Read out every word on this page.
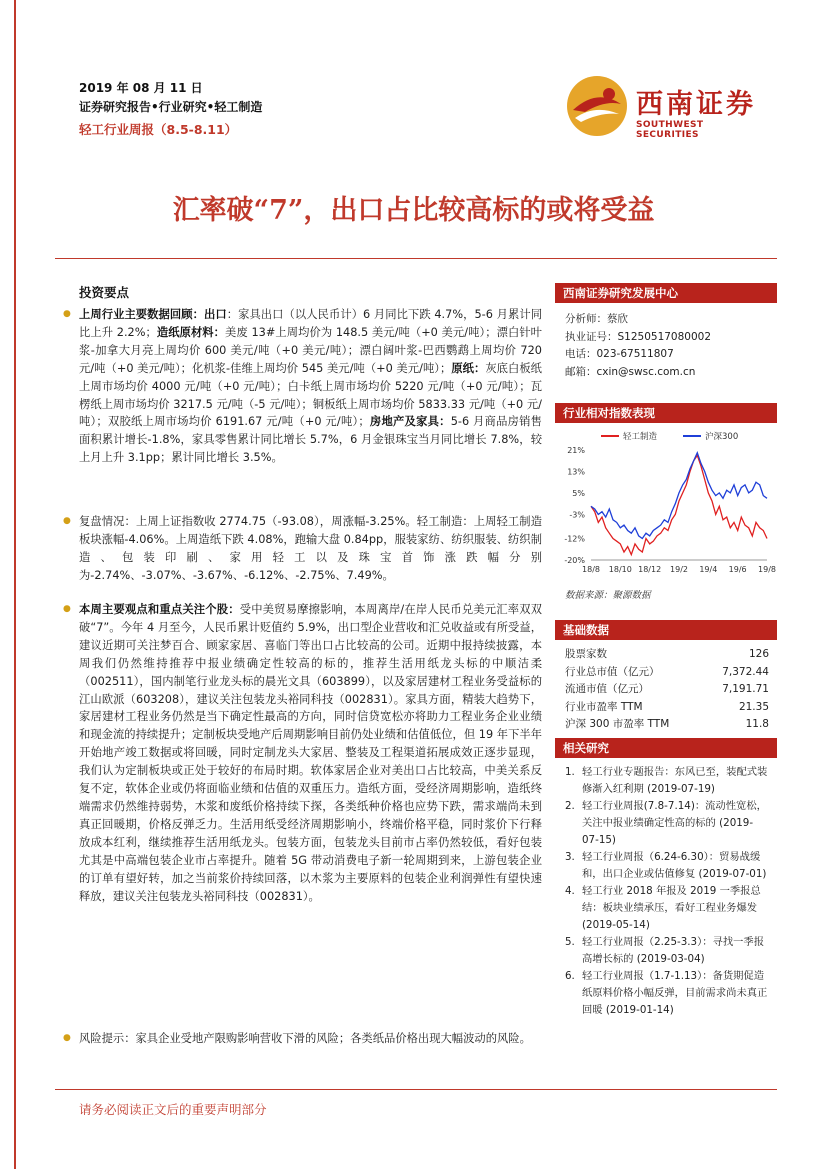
2019 年 08 月 11 日
证券研究报告•行业研究•轻工制造
轻工行业周报（8.5-8.11）
西南证券
SOUTHWEST SECURITIES
汇率破“7”，出口占比较高标的或将受益
投资要点
● 上周行业主要数据回顾：出口：家具出口（以人民币计）6 月同比下跌 4.7%，5-6 月累计同比上升 2.2%；造纸原材料：美废 13#上周均价为 148.5 美元/吨（+0 美元/吨）；漂白针叶浆-加拿大月亮上周均价 600 美元/吨（+0 美元/吨）；漂白阔叶浆-巴西鹦鹉上周均价 720 元/吨（+0 美元/吨）；化机浆-佳维上周均价 545 美元/吨（+0 美元/吨）；原纸：灰底白板纸上周市场均价 4000 元/吨（+0 元/吨）；白卡纸上周市场均价 5220 元/吨（+0 元/吨）；瓦楞纸上周市场均价 3217.5 元/吨（-5 元/吨）；铜板纸上周市场均价 5833.33 元/吨（+0 元/吨）；双胶纸上周市场均价 6191.67 元/吨（+0 元/吨）；房地产及家具：5-6 月商品房销售面积累计增长-1.8%，家具零售累计同比增长 5.7%，6 月金银珠宝当月同比增长 7.8%，较上月上升 3.1pp；累计同比增长 3.5%。
● 复盘情况：上周上证指数收 2774.75（-93.08），周涨幅-3.25%。轻工制造：上周轻工制造板块涨幅-4.06%。上周造纸下跌 4.08%，跑输大盘 0.84pp，服装家纺、纺织服装、纺织制造、包装印刷、家用轻工以及珠宝首饰涨跌幅分别为-2.74%、-3.07%、-3.67%、-6.12%、-2.75%、7.49%。
● 本周主要观点和重点关注个股：受中美贸易摩擦影响，本周离岸/在岸人民币兑美元汇率双双破“7”。今年 4 月至今，人民币累计贬值约 5.9%，出口型企业营收和汇兑收益或有所受益，建议近期可关注梦百合、顾家家居、喜临门等出口占比较高的公司。近期中报持续披露，本周我们仍然维持推荐中报业绩确定性较高的标的，推荐生活用纸龙头标的中顺洁柔（002511），国内制笔行业龙头标的晨光文具（603899），以及家居建材工程业务受益标的江山欧派（603208），建议关注包装龙头裕同科技（002831）。家具方面，精装大趋势下，家居建材工程业务仍然是当下确定性最高的方向，同时信贷宽松亦将助力工程业务企业业绩和现金流的持续提升；定制板块受地产后周期影响目前仍处业绩和估值低位，但 19 年下半年开始地产竣工数据或将回暖，同时定制龙头大家居、整装及工程渠道拓展成效正逐步显现，我们认为定制板块或正处于较好的布局时期。软体家居企业对美出口占比较高，中美关系反复不定，软体企业或仍将面临业绩和估值的双重压力。造纸方面，受经济周期影响，造纸终端需求仍然维持弱势，木浆和废纸价格持续下探，各类纸种价格也应势下跌，需求端尚未到真正回暖期，价格反弹乏力。生活用纸受经济周期影响小，终端价格平稳，同时浆价下行释放成本红利，继续推荐生活用纸龙头。包装方面，包装龙头目前市占率仍然较低，看好包装尤其是中高端包装企业市占率提升。随着 5G 带动消费电子新一轮周期到来，上游包装企业的订单有望好转，加之当前浆价持续回落，以木浆为主要原料的包装企业利润弹性有望快速释放，建议关注包装龙头裕同科技（002831）。
● 风险提示：家具企业受地产限购影响营收下滑的风险；各类纸品价格出现大幅波动的风险。
西南证券研究发展中心
分析师：蔡欣
执业证号：S1250517080002
电话：023-67511807
邮箱：cxin@swsc.com.cn
行业相对指数表现
21%
13%
5%
-3%
-12%
-20%
18/8 18/10 18/12 19/2 19/4 19/6 19/8
轻工制造	沪深300
数据来源：聚源数据
基础数据
股票家数	126
行业总市值（亿元）	7,372.44
流通市值（亿元）	7,191.71
行业市盈率 TTM	21.35
沪深 300 市盈率 TTM	11.8
相关研究
1. 轻工行业专题报告：东风已至，装配式装修渐入红利期 (2019-07-19)
2. 轻工行业周报(7.8-7.14)：流动性宽松，关注中报业绩确定性高的标的 (2019-07-15)
3. 轻工行业周报（6.24-6.30）：贸易战缓和，出口企业或估值修复 (2019-07-01)
4. 轻工行业 2018 年报及 2019 一季报总结：板块业绩承压，看好工程业务爆发 (2019-05-14)
5. 轻工行业周报（2.25-3.3）：寻找一季报高增长标的 (2019-03-04)
6. 轻工行业周报（1.7-1.13）：备货期促造纸原料价格小幅反弹，目前需求尚未真正回暖 (2019-01-14)
请务必阅读正文后的重要声明部分
